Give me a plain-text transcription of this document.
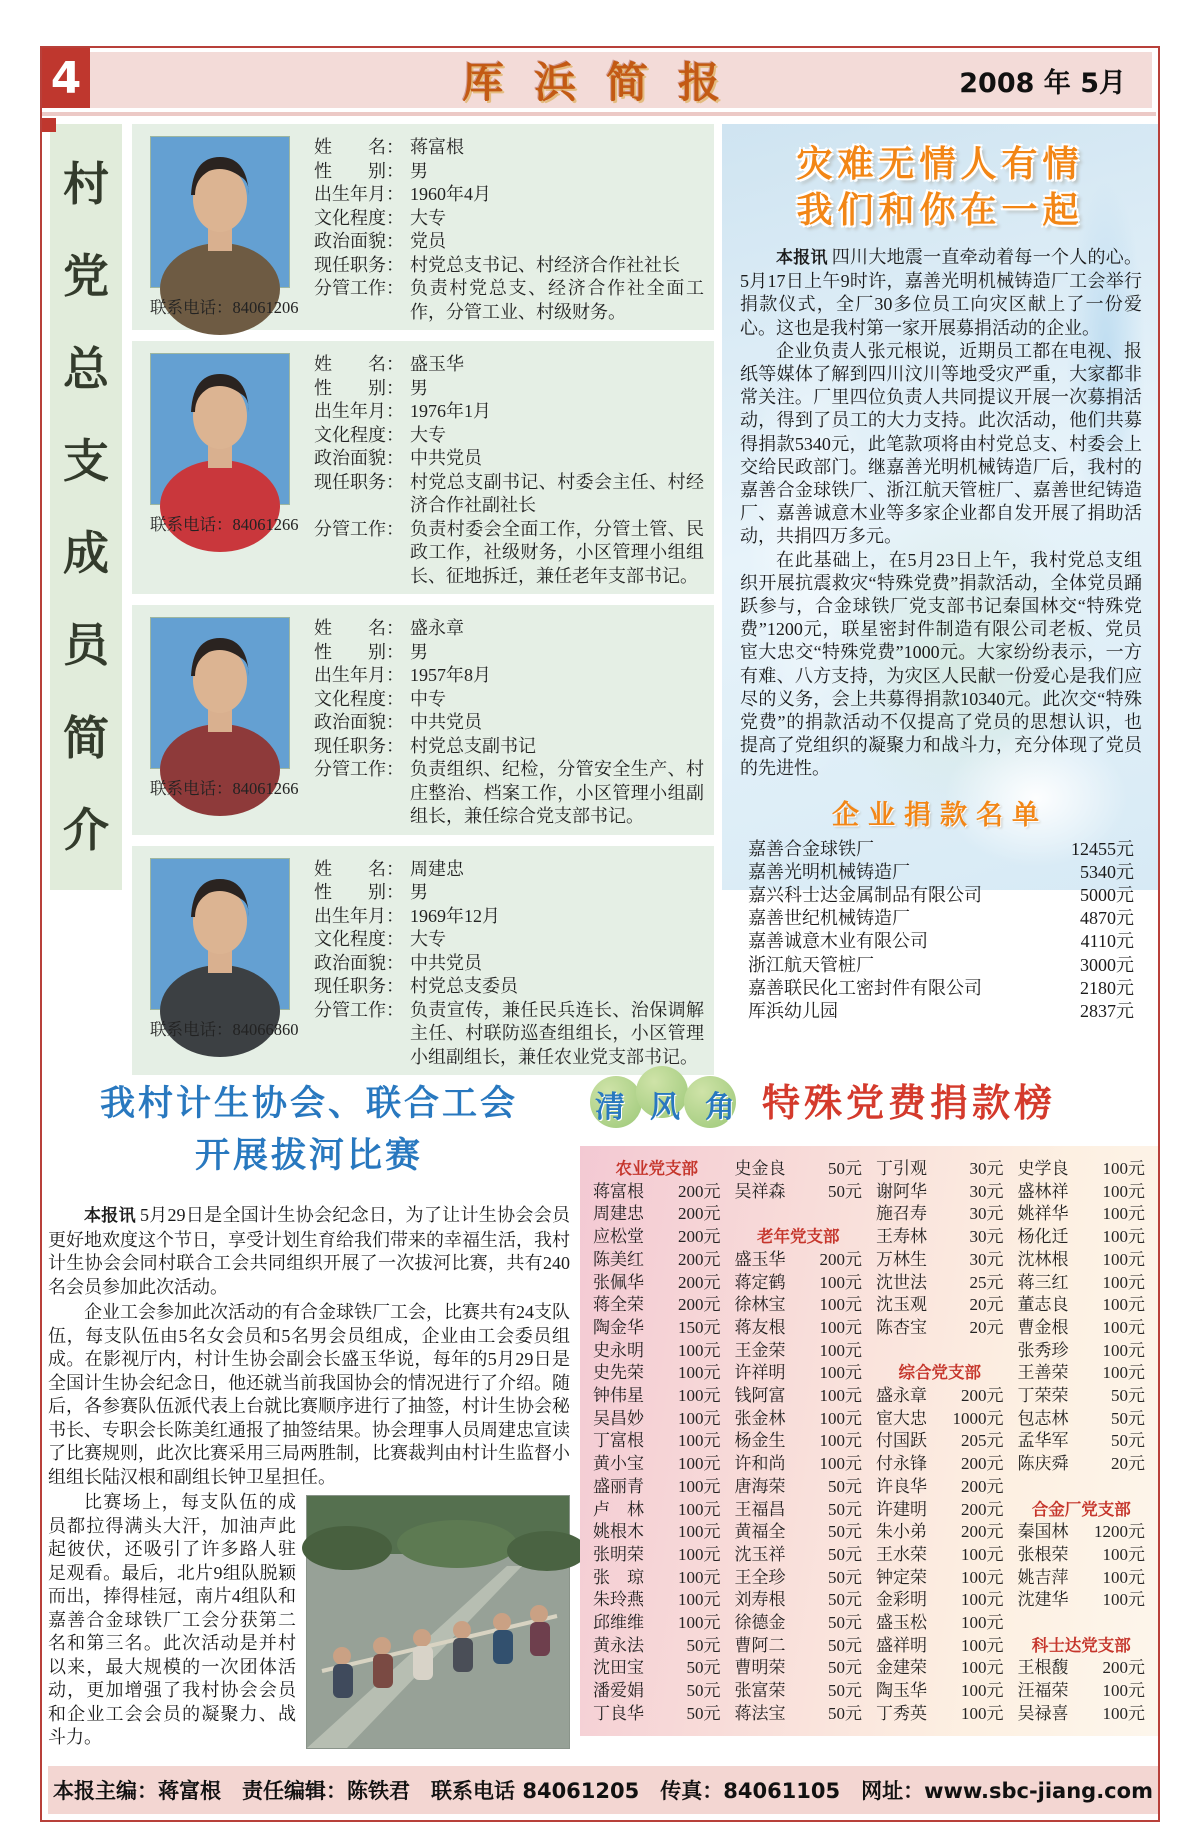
厍浜简报	2008 年 5月
4
村
党
总
支
成
员
简
介
联系电话：84061206
姓　　名： 蒋富根
性　　别： 男
出生年月： 1960年4月
文化程度： 大专
政治面貌： 党员
现任职务： 村党总支书记、村经济合作社社长
分管工作： 负责村党总支、经济合作社全面工作，分管工业、村级财务。
联系电话：84061266
姓　　名： 盛玉华
性　　别： 男
出生年月： 1976年1月
文化程度： 大专
政治面貌： 中共党员
现任职务： 村党总支副书记、村委会主任、村经济合作社副社长
分管工作： 负责村委会全面工作，分管土管、民政工作，社级财务，小区管理小组组长、征地拆迁，兼任老年支部书记。
联系电话：84061266
姓　　名： 盛永章
性　　别： 男
出生年月： 1957年8月
文化程度： 中专
政治面貌： 中共党员
现任职务： 村党总支副书记
分管工作： 负责组织、纪检，分管安全生产、村庄整治、档案工作，小区管理小组副组长，兼任综合党支部书记。
联系电话：84066860
姓　　名： 周建忠
性　　别： 男
出生年月： 1969年12月
文化程度： 大专
政治面貌： 中共党员
现任职务： 村党总支委员
分管工作： 负责宣传，兼任民兵连长、治保调解主任、村联防巡查组组长，小区管理小组副组长，兼任农业党支部书记。
灾难无情人有情
我们和你在一起

本报讯 四川大地震一直牵动着每一个人的心。5月17日上午9时许，嘉善光明机械铸造厂工会举行捐款仪式，全厂30多位员工向灾区献上了一份爱心。这也是我村第一家开展募捐活动的企业。

企业负责人张元根说，近期员工都在电视、报纸等媒体了解到四川汶川等地受灾严重，大家都非常关注。厂里四位负责人共同提议开展一次募捐活动，得到了员工的大力支持。此次活动，他们共募得捐款5340元，此笔款项将由村党总支、村委会上交给民政部门。继嘉善光明机械铸造厂后，我村的嘉善合金球铁厂、浙江航天管桩厂、嘉善世纪铸造厂、嘉善诚意木业等多家企业都自发开展了捐助活动，共捐四万多元。

在此基础上，在5月23日上午，我村党总支组织开展抗震救灾“特殊党费”捐款活动，全体党员踊跃参与，合金球铁厂党支部书记秦国林交“特殊党费”1200元，联星密封件制造有限公司老板、党员宦大忠交“特殊党费”1000元。大家纷纷表示，一方有难、八方支持，为灾区人民献一份爱心是我们应尽的义务，会上共募得捐款10340元。此次交“特殊党费”的捐款活动不仅提高了党员的思想认识，也提高了党组织的凝聚力和战斗力，充分体现了党员的先进性。

企业捐款名单
嘉善合金球铁厂	12455元
嘉善光明机械铸造厂	5340元
嘉兴科士达金属制品有限公司	5000元
嘉善世纪机械铸造厂	4870元
嘉善诚意木业有限公司	4110元
浙江航天管桩厂	3000元
嘉善联民化工密封件有限公司	2180元
厍浜幼儿园	2837元
我村计生协会、联合工会
开展拔河比赛

本报讯 5月29日是全国计生协会纪念日，为了让计生协会会员更好地欢度这个节日，享受计划生育给我们带来的幸福生活，我村计生协会会同村联合工会共同组织开展了一次拔河比赛，共有240名会员参加此次活动。

企业工会参加此次活动的有合金球铁厂工会，比赛共有24支队伍，每支队伍由5名女会员和5名男会员组成，企业由工会委员组成。在影视厅内，村计生协会副会长盛玉华说，每年的5月29日是全国计生协会纪念日，他还就当前我国协会的情况进行了介绍。随后，各参赛队伍派代表上台就比赛顺序进行了抽签，村计生协会秘书长、专职会长陈美红通报了抽签结果。协会理事人员周建忠宣读了比赛规则，此次比赛采用三局两胜制，比赛裁判由村计生监督小组组长陆汉根和副组长钟卫星担任。

比赛场上，每支队伍的成员都拉得满头大汗，加油声此起彼伏，还吸引了许多路人驻足观看。最后，北片9组队脱颖而出，捧得桂冠，南片4组队和嘉善合金球铁厂工会分获第二名和第三名。此次活动是并村以来，最大规模的一次团体活动，更加增强了我村协会会员和企业工会会员的凝聚力、战斗力。
清 风 角 特殊党费捐款榜
农业党支部
蒋富根	200元
周建忠	200元
应松堂	200元
陈美红	200元
张佩华	200元
蒋全荣	200元
陶金华	150元
史永明	100元
史先荣	100元
钟伟星	100元
吴昌妙	100元
丁富根	100元
黄小宝	100元
盛丽青	100元
卢　林	100元
姚根木	100元
张明荣	100元
张　琼	100元
朱玲燕	100元
邱维维	100元
黄永法	50元
沈田宝	50元
潘爱娟	50元
丁良华	50元
史金良	50元
吴祥森	50元
老年党支部
盛玉华	200元
蒋定鹤	100元
徐林宝	100元
蒋友根	100元
王金荣	100元
许祥明	100元
钱阿富	100元
张金林	100元
杨金生	100元
许和尚	100元
唐海荣	50元
王福昌	50元
黄福全	50元
沈玉祥	50元
王全珍	50元
刘寿根	50元
徐德金	50元
曹阿二	50元
曹明荣	50元
张富荣	50元
蒋法宝	50元
丁引观	30元
谢阿华	30元
施召寿	30元
王寿林	30元
万林生	30元
沈世法	25元
沈玉观	20元
陈杏宝	20元
综合党支部
盛永章	200元
宦大忠	1000元
付国跃	205元
付永锋	200元
许良华	200元
许建明	200元
朱小弟	200元
王水荣	100元
钟定荣	100元
金彩明	100元
盛玉松	100元
盛祥明	100元
金建荣	100元
陶玉华	100元
丁秀英	100元
史学良	100元
盛林祥	100元
姚祥华	100元
杨化迁	100元
沈林根	100元
蒋三红	100元
董志良	100元
曹金根	100元
张秀珍	100元
王善荣	100元
丁荣荣	50元
包志林	50元
孟华军	50元
陈庆舜	20元
合金厂党支部
秦国林	1200元
张根荣	100元
姚吉萍	100元
沈建华	100元
科士达党支部
王根馥	200元
汪福荣	100元
吴禄喜	100元
本报主编：蒋富根　责任编辑：陈铁君　联系电话 84061205　传真：84061105　网址：www.sbc-jiang.com
